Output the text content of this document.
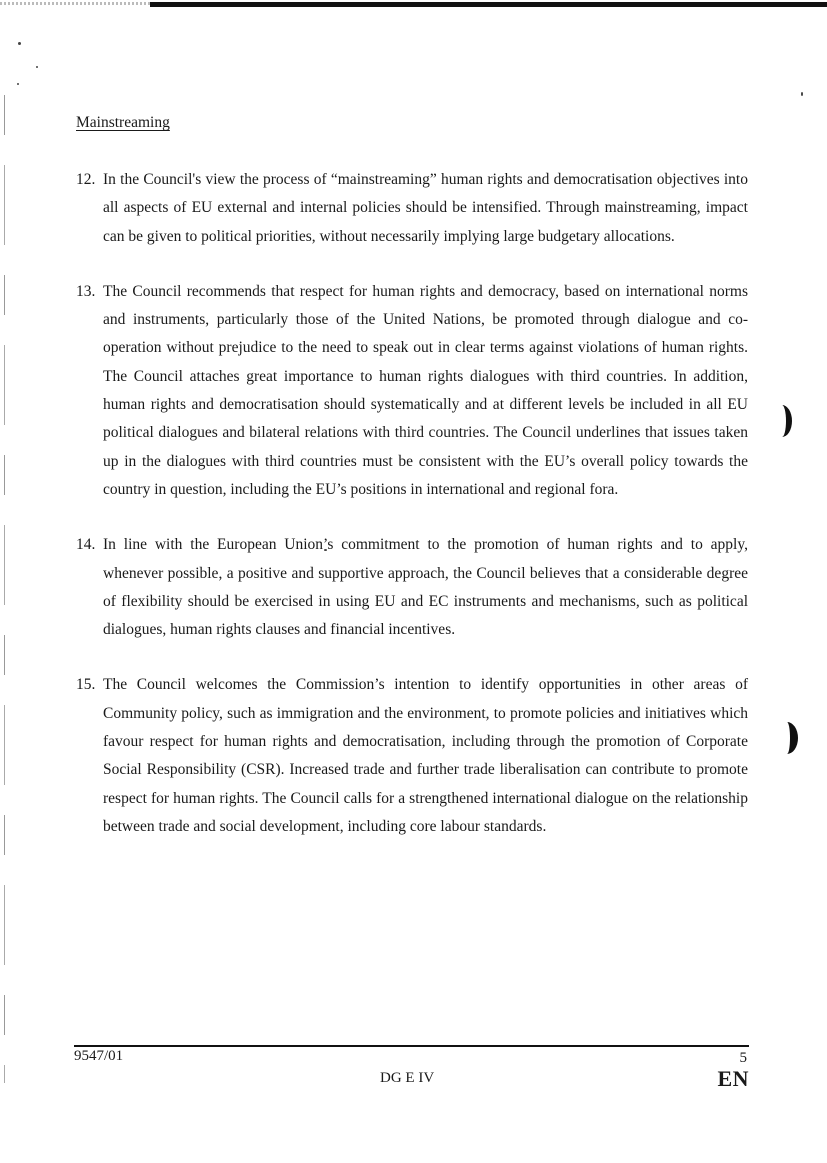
Mainstreaming
12. In the Council's view the process of “mainstreaming” human rights and democratisation objectives into all aspects of EU external and internal policies should be intensified. Through mainstreaming, impact can be given to political priorities, without necessarily implying large budgetary allocations.
13. The Council recommends that respect for human rights and democracy, based on international norms and instruments, particularly those of the United Nations, be promoted through dialogue and co-operation without prejudice to the need to speak out in clear terms against violations of human rights. The Council attaches great importance to human rights dialogues with third countries. In addition, human rights and democratisation should systematically and at different levels be included in all EU political dialogues and bilateral relations with third countries. The Council underlines that issues taken up in the dialogues with third countries must be consistent with the EU’s overall policy towards the country in question, including the EU’s positions in international and regional fora.
14. In line with the European Union’s commitment to the promotion of human rights and to apply, whenever possible, a positive and supportive approach, the Council believes that a considerable degree of flexibility should be exercised in using EU and EC instruments and mechanisms, such as political dialogues, human rights clauses and financial incentives.
15. The Council welcomes the Commission’s intention to identify opportunities in other areas of Community policy, such as immigration and the environment, to promote policies and initiatives which favour respect for human rights and democratisation, including through the promotion of Corporate Social Responsibility (CSR). Increased trade and further trade liberalisation can contribute to promote respect for human rights. The Council calls for a strengthened international dialogue on the relationship between trade and social development, including core labour standards.
9547/01	5
DG E IV	EN
